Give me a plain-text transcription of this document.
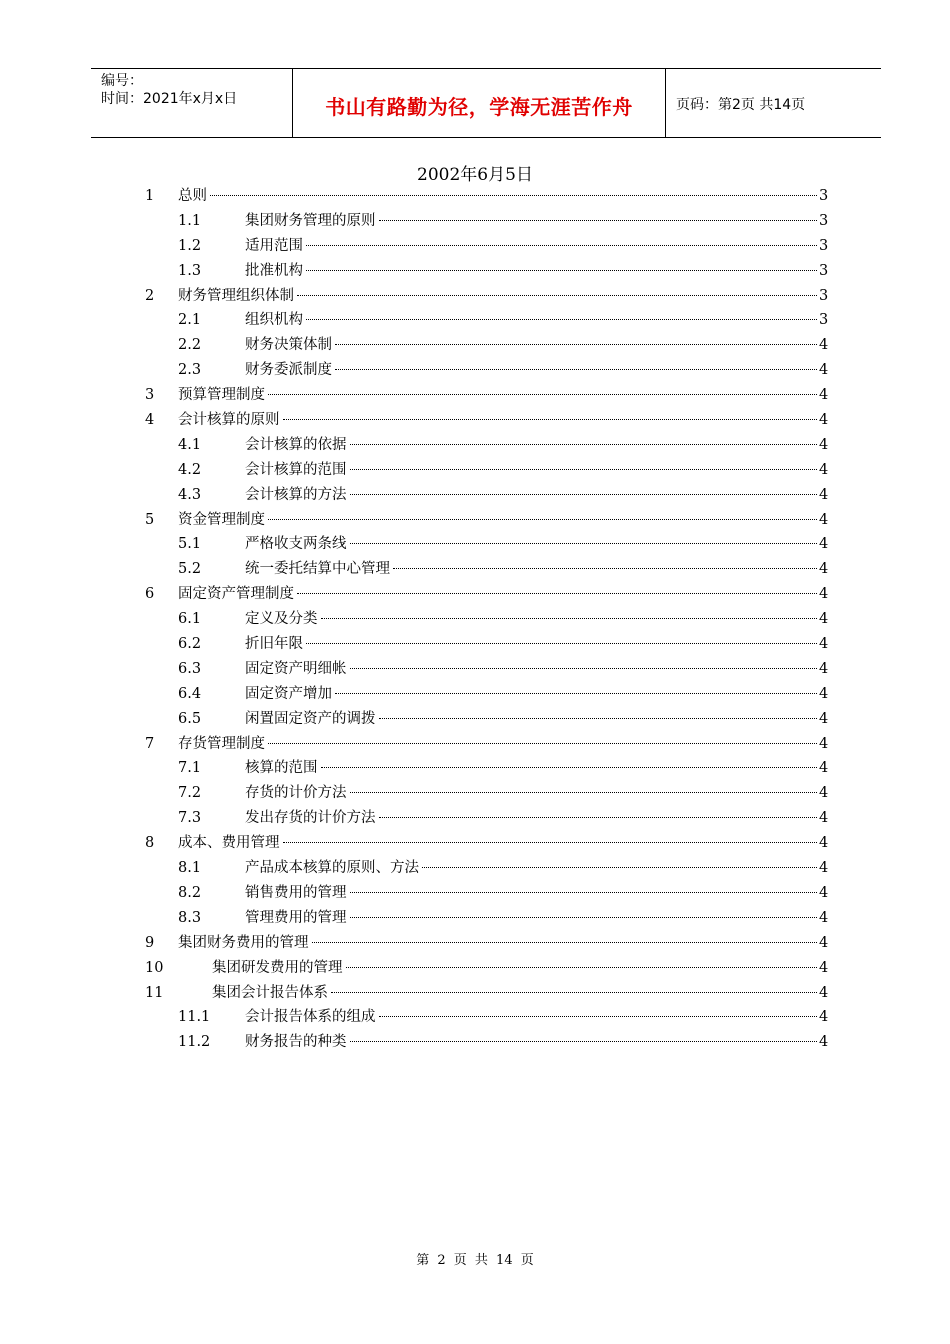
编号：
时间：2021年x月x日	书山有路勤为径，学海无涯苦作舟	页码：第2页 共14页
2002年6月5日
1 总则	3
1.1	集团财务管理的原则	3
1.2	适用范围	3
1.3	批准机构	3
2 财务管理组织体制	3
2.1	组织机构	3
2.2	财务决策体制	4
2.3	财务委派制度	4
3 预算管理制度	4
4 会计核算的原则	4
4.1	会计核算的依据	4
4.2	会计核算的范围	4
4.3	会计核算的方法	4
5 资金管理制度	4
5.1	严格收支两条线	4
5.2	统一委托结算中心管理	4
6 固定资产管理制度	4
6.1	定义及分类	4
6.2	折旧年限	4
6.3	固定资产明细帐	4
6.4	固定资产增加	4
6.5	闲置固定资产的调拨	4
7 存货管理制度	4
7.1	核算的范围	4
7.2	存货的计价方法	4
7.3	发出存货的计价方法	4
8 成本、费用管理	4
8.1	产品成本核算的原则、方法	4
8.2	销售费用的管理	4
8.3	管理费用的管理	4
9 集团财务费用的管理	4
10	集团研发费用的管理	4
11	集团会计报告体系	4
11.1 会计报告体系的组成	4
11.2 财务报告的种类	4
第 2 页 共 14 页
